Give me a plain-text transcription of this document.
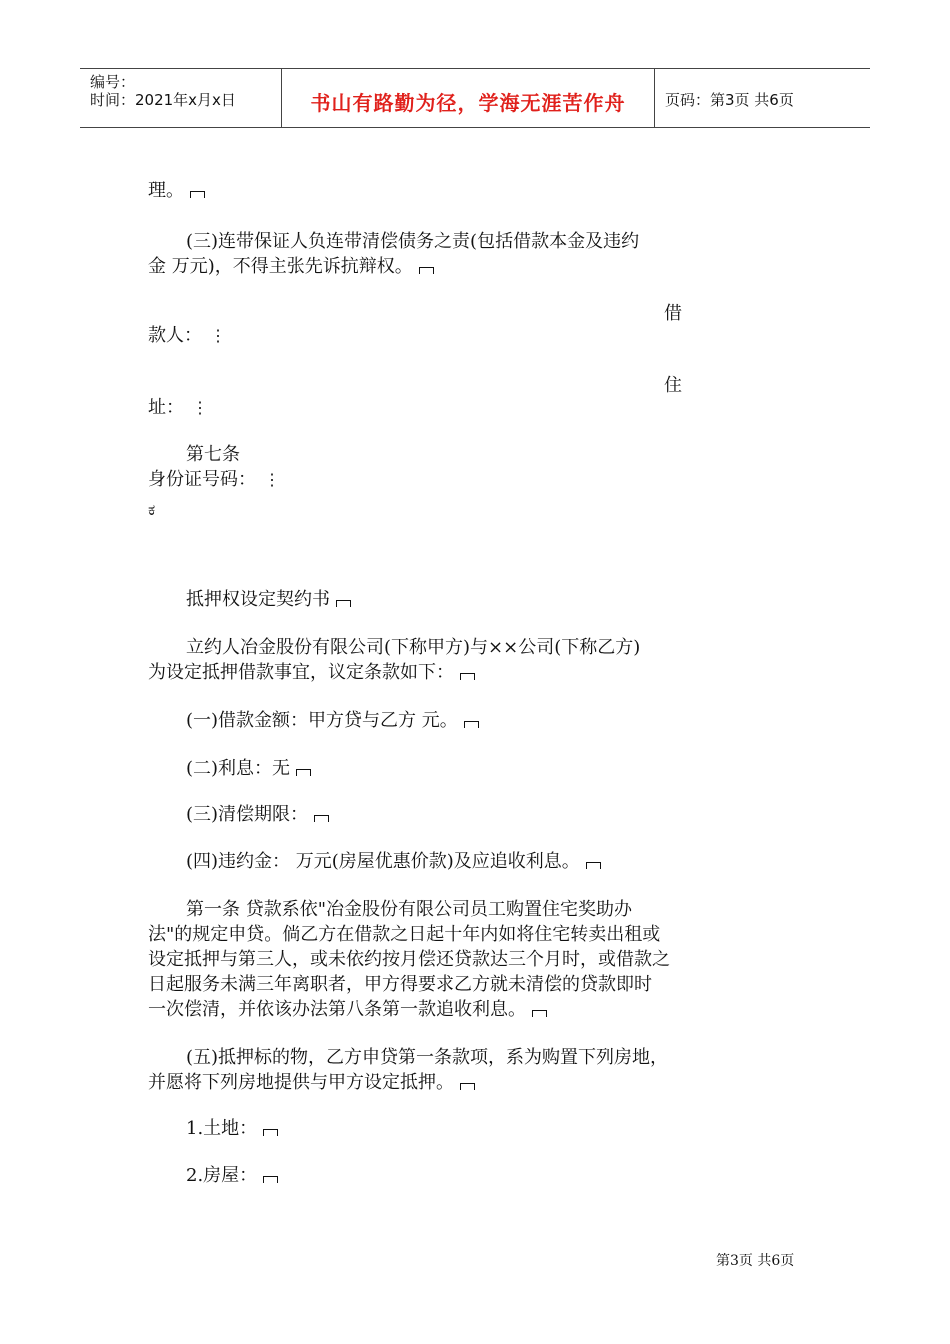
编号：
时间：2021年x月x日	书山有路勤为径，学海无涯苦作舟	页码：第3页 共6页
理。
(三)连带保证人负连带清偿债务之责(包括借款本金及违约
金 万元)，不得主张先诉抗辩权。
借
款人： ⋮
住
址： ⋮
第七条
身份证号码： ⋮
ಕ
抵押权设定契约书
立约人冶金股份有限公司(下称甲方)与××公司(下称乙方)
为设定抵押借款事宜，议定条款如下：
(一)借款金额：甲方贷与乙方 元。
(二)利息：无
(三)清偿期限：
(四)违约金： 万元(房屋优惠价款)及应追收利息。
第一条 贷款系依"冶金股份有限公司员工购置住宅奖助办
法"的规定申贷。倘乙方在借款之日起十年内如将住宅转卖出租或
设定抵押与第三人，或未依约按月偿还贷款达三个月时，或借款之
日起服务未满三年离职者，甲方得要求乙方就未清偿的贷款即时
一次偿清，并依该办法第八条第一款追收利息。
(五)抵押标的物，乙方申贷第一条款项，系为购置下列房地，
并愿将下列房地提供与甲方设定抵押。
1.土地：
2.房屋：
第3页 共6页
